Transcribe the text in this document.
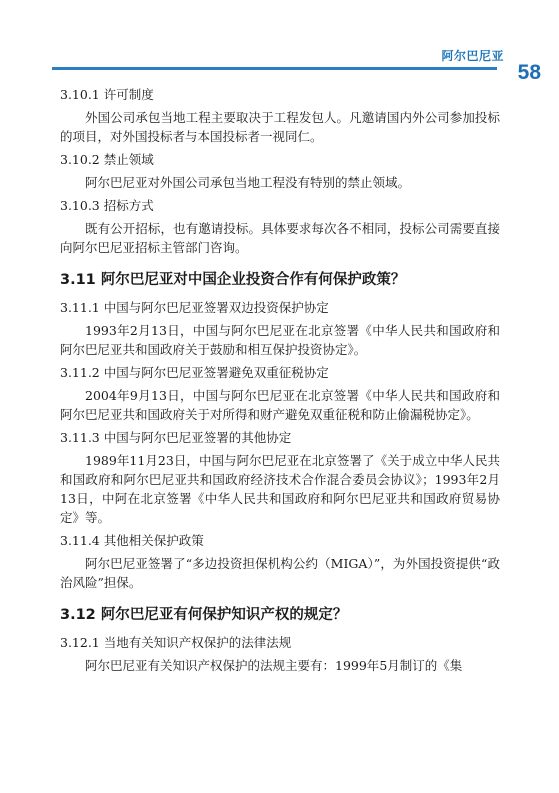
阿尔巴尼亚
58

3.10.1 许可制度

外国公司承包当地工程主要取决于工程发包人。凡邀请国内外公司参加投标的项目，对外国投标者与本国投标者一视同仁。

3.10.2 禁止领域

阿尔巴尼亚对外国公司承包当地工程没有特别的禁止领域。

3.10.3 招标方式

既有公开招标，也有邀请投标。具体要求每次各不相同，投标公司需要直接向阿尔巴尼亚招标主管部门咨询。

3.11 阿尔巴尼亚对中国企业投资合作有何保护政策？

3.11.1 中国与阿尔巴尼亚签署双边投资保护协定

1993年2月13日，中国与阿尔巴尼亚在北京签署《中华人民共和国政府和阿尔巴尼亚共和国政府关于鼓励和相互保护投资协定》。

3.11.2 中国与阿尔巴尼亚签署避免双重征税协定

2004年9月13日，中国与阿尔巴尼亚在北京签署《中华人民共和国政府和阿尔巴尼亚共和国政府关于对所得和财产避免双重征税和防止偷漏税协定》。

3.11.3 中国与阿尔巴尼亚签署的其他协定

1989年11月23日，中国与阿尔巴尼亚在北京签署了《关于成立中华人民共和国政府和阿尔巴尼亚共和国政府经济技术合作混合委员会协议》；1993年2月13日，中阿在北京签署《中华人民共和国政府和阿尔巴尼亚共和国政府贸易协定》等。

3.11.4 其他相关保护政策

阿尔巴尼亚签署了“多边投资担保机构公约（MIGA）”，为外国投资提供“政治风险”担保。

3.12 阿尔巴尼亚有何保护知识产权的规定？

3.12.1 当地有关知识产权保护的法律法规

阿尔巴尼亚有关知识产权保护的法规主要有：1999年5月制订的《集
